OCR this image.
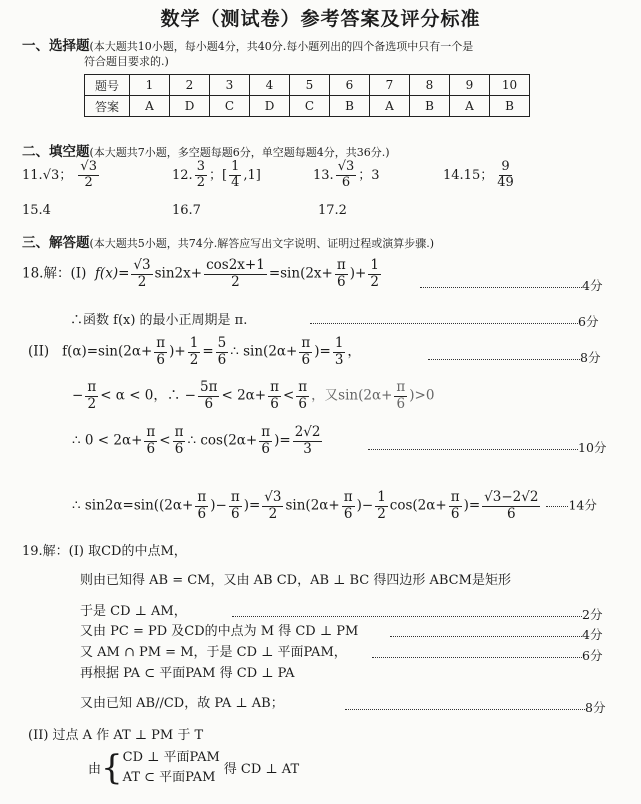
数学（测试卷）参考答案及评分标准
一、选择题(本大题共10小题，每小题4分，共40分.每小题列出的四个备选项中只有一个是
符合题目要求的.)
题号	1	2	3	4	5	6	7	8	9	10
答案	A	D	C	D	C	B	A	B	A	B
二、填空题(本大题共7小题，多空题每题6分，单空题每题4分，共36分.)
11.√3； $\frac{√3}{2}$	12. $\frac{3}{2}$ ；[ $\frac{1}{4} ,1$]	13. $\frac{√3}{6}$ ；3	14.15； $\frac{9}{49}$
15.4	16.7	17.2
三、解答题(本大题共5小题，共74分.解答应写出文字说明、证明过程或演算步骤.)
18.解：(I) $f(x)= \frac{√3}{2} \sin 2x+ \frac{\cos 2x+1}{2} =\sin(2x+ \frac{\pi}{6}$ )+ $\frac{1}{2}$	4分
∴函数 f(x) 的最小正周期是 π.	6分
(II) $f(\alpha)=\sin(2\alpha+ \frac{\pi}{6}$ )+ $\frac{1}{2} = \frac{5}{6}$ ∴ $\sin(2\alpha+ \frac{\pi}{6}$ )= $\frac{1}{3}$ ，	8分
− $\frac{\pi}{2} < \alpha < 0$，∴ − $\frac{5\pi}{6} < 2\alpha+ \frac{\pi}{6} < \frac{\pi}{6}$ ，又$\sin(2\alpha+ \frac{\pi}{6} )>0$
∴ $0 < 2\alpha+ \frac{\pi}{6} < \frac{\pi}{6}$ ∴ $\cos(2\alpha+ \frac{\pi}{6}$ )= $\frac{2√2}{3}$	10分
∴ $\sin 2\alpha=\sin((2\alpha+ \frac{\pi}{6}$ )− $\frac{\pi}{6}$ )= $\frac{√3}{2} \sin(2\alpha+ \frac{\pi}{6}$ )− $\frac{1}{2} \cos(2\alpha+ \frac{\pi}{6}$ )= $\frac{√3-2√2}{6} 14$分
19.解：(I) 取CD的中点M，
则由已知得 AB = CM，又由 AB CD，AB ⊥ BC 得四边形 ABCM是矩形
于是 CD ⊥ AM，	2分
又由 PC = PD 及CD的中点为 M 得 CD ⊥ PM	4分
又 AM ∩ PM = M，于是 CD ⊥ 平面PAM，	6分
再根据 PA ⊂ 平面PAM 得 CD ⊥ PA
又由已知 AB//CD，故 PA ⊥ AB；	8分
(II) 过点 A 作 AT ⊥ PM 于 T
由 { CD ⊥ 平面PAM
AT ⊂ 平面PAM 得 CD ⊥ AT
